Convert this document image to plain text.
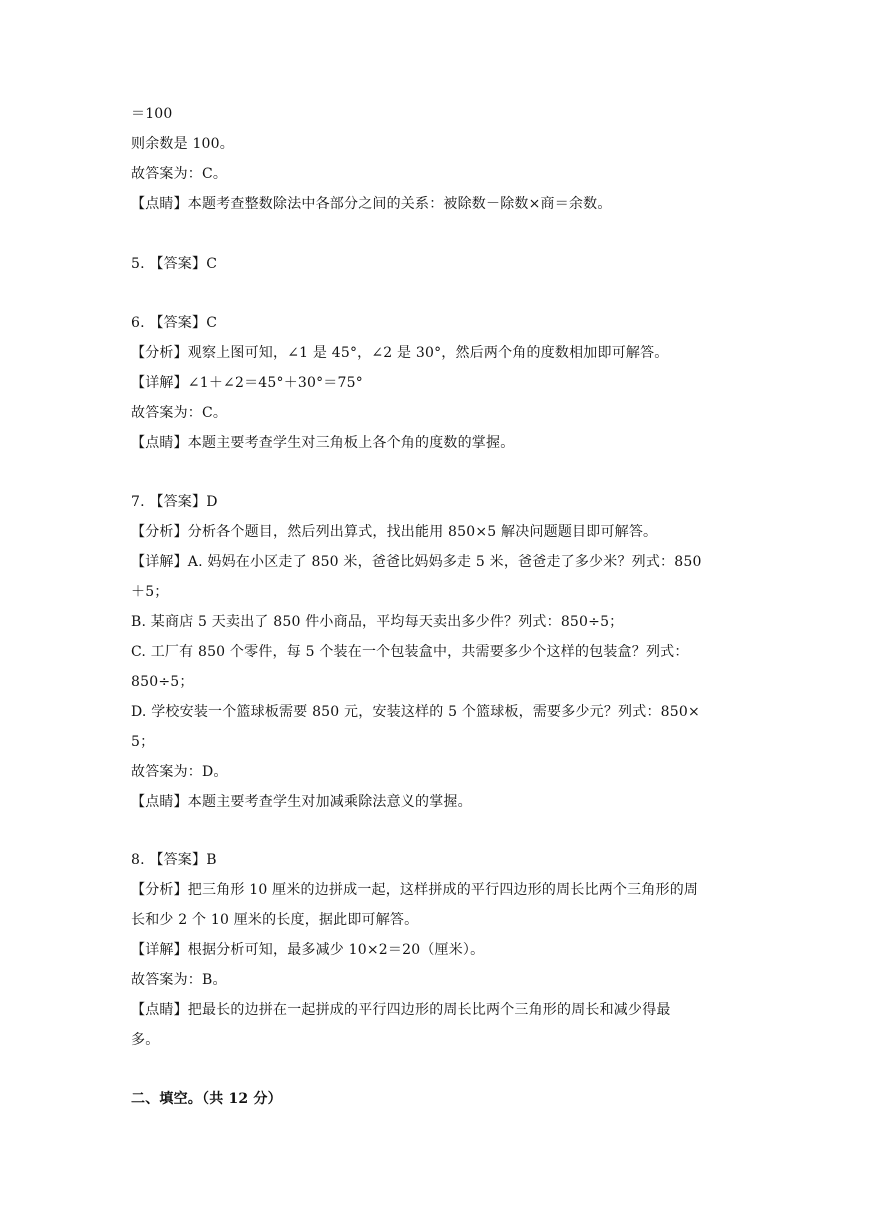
＝100
则余数是 100。
故答案为：C。
【点睛】本题考查整数除法中各部分之间的关系：被除数－除数×商＝余数。
5. 【答案】C
6. 【答案】C
【分析】观察上图可知，∠1 是 45°，∠2 是 30°，然后两个角的度数相加即可解答。
【详解】∠1＋∠2＝45°＋30°＝75°
故答案为：C。
【点睛】本题主要考查学生对三角板上各个角的度数的掌握。
7. 【答案】D
【分析】分析各个题目，然后列出算式，找出能用 850×5 解决问题题目即可解答。
【详解】A. 妈妈在小区走了 850 米，爸爸比妈妈多走 5 米，爸爸走了多少米？列式：850
＋5；
B. 某商店 5 天卖出了 850 件小商品，平均每天卖出多少件？列式：850÷5；
C. 工厂有 850 个零件，每 5 个装在一个包装盒中，共需要多少个这样的包装盒？列式：
850÷5；
D. 学校安装一个篮球板需要 850 元，安装这样的 5 个篮球板，需要多少元？列式：850×
5；
故答案为：D。
【点睛】本题主要考查学生对加减乘除法意义的掌握。
8. 【答案】B
【分析】把三角形 10 厘米的边拼成一起，这样拼成的平行四边形的周长比两个三角形的周
长和少 2 个 10 厘米的长度，据此即可解答。
【详解】根据分析可知，最多减少 10×2＝20（厘米）。
故答案为：B。
【点睛】把最长的边拼在一起拼成的平行四边形的周长比两个三角形的周长和减少得最
多。
二、填空。（共 12 分）
